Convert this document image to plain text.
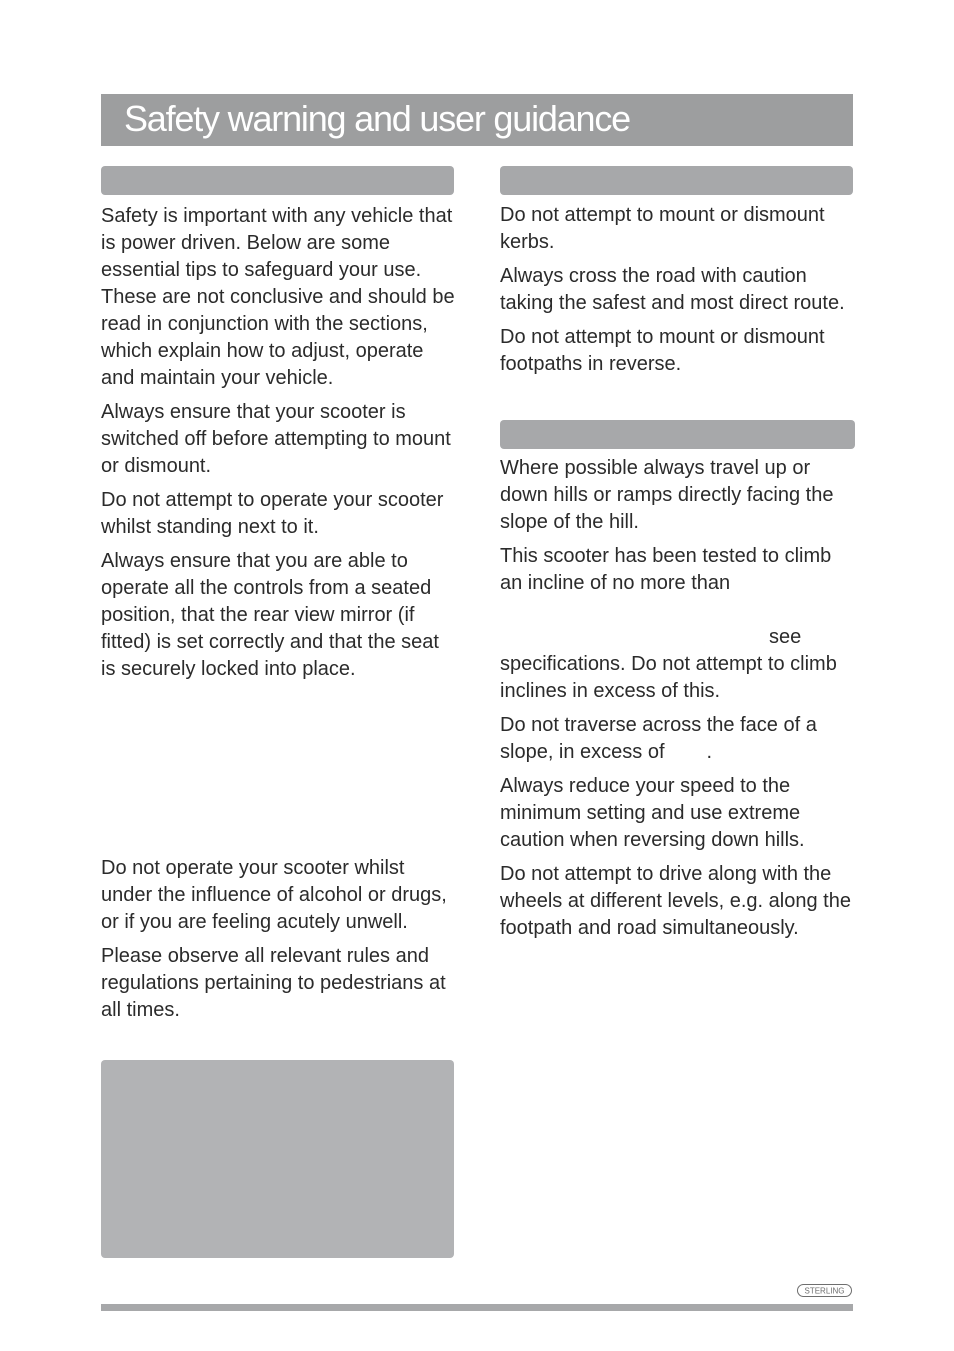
Safety warning and user guidance

Safety is important with any vehicle that is power driven. Below are some essential tips to safeguard your use. These are not conclusive and should be read in conjunction with the sections, which explain how to adjust, operate and maintain your vehicle.

Always ensure that your scooter is switched off before attempting to mount or dismount.

Do not attempt to operate your scooter whilst standing next to it.

Always ensure that you are able to operate all the controls from a seated position, that the rear view mirror (if fitted) is set correctly and that the seat is securely locked into place.

Do not operate your scooter whilst under the influence of alcohol or drugs, or if you are feeling acutely unwell.

Please observe all relevant rules and regulations pertaining to pedestrians at all times.

Do not attempt to mount or dismount kerbs.

Always cross the road with caution taking the safest and most direct route.

Do not attempt to mount or dismount footpaths in reverse.

Where possible always travel up or down hills or ramps directly facing the slope of the hill.

This scooter has been tested to climb an incline of no more than

see
specifications. Do not attempt to climb inclines in excess of this.

Do not traverse across the face of a slope, in excess of .

Always reduce your speed to the minimum setting and use extreme caution when reversing down hills.

Do not attempt to drive along with the wheels at different levels, e.g. along the footpath and road simultaneously.

STERLING
